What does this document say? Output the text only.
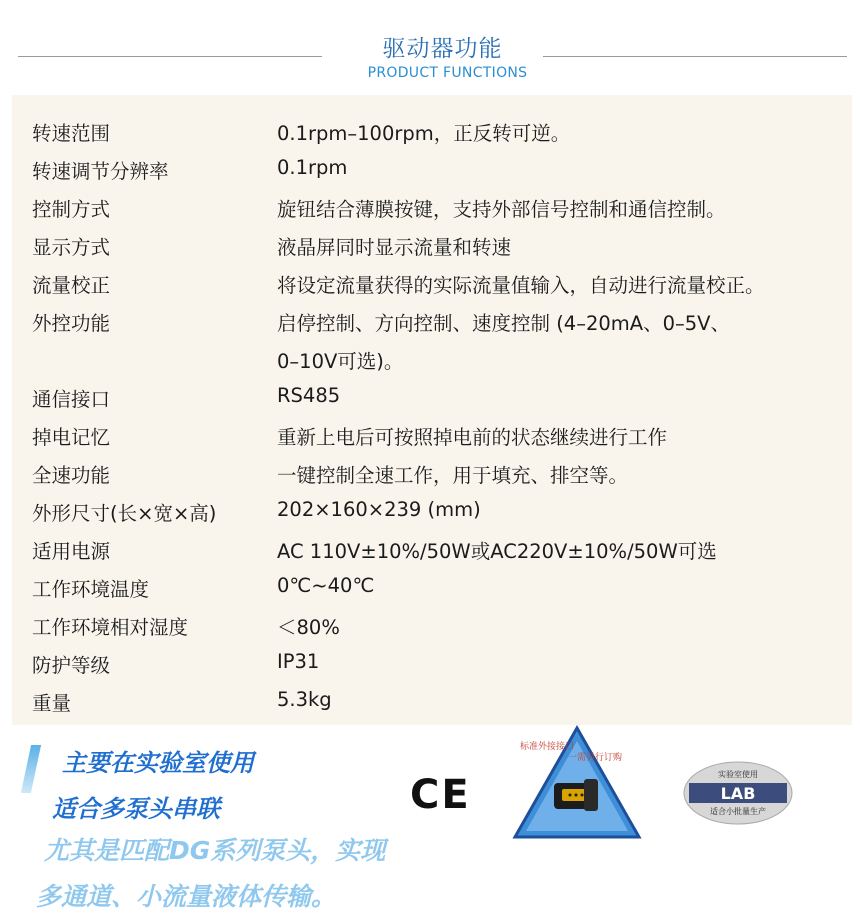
驱动器功能
PRODUCT FUNCTIONS
转速范围	0.1rpm–100rpm，正反转可逆。
转速调节分辨率	0.1rpm
控制方式	旋钮结合薄膜按键，支持外部信号控制和通信控制。
显示方式	液晶屏同时显示流量和转速
流量校正	将设定流量获得的实际流量值输入，自动进行流量校正。
外控功能	启停控制、方向控制、速度控制 (4–20mA、0–5V、
0–10V可选)。
通信接口	RS485
掉电记忆	重新上电后可按照掉电前的状态继续进行工作
全速功能	一键控制全速工作，用于填充、排空等。
外形尺寸(长×宽×高)	202×160×239 (mm)
适用电源	AC 110V±10%/50W或AC220V±10%/50W可选
工作环境温度	0℃~40℃
工作环境相对湿度	＜80%
防护等级	IP31
重量	5.3kg
主要在实验室使用
适合多泵头串联
尤其是匹配DG系列泵头，实现
多通道、小流量液体传输。
CE
标准外接接口
一需另行订购
实验室使用
LAB
适合小批量生产
